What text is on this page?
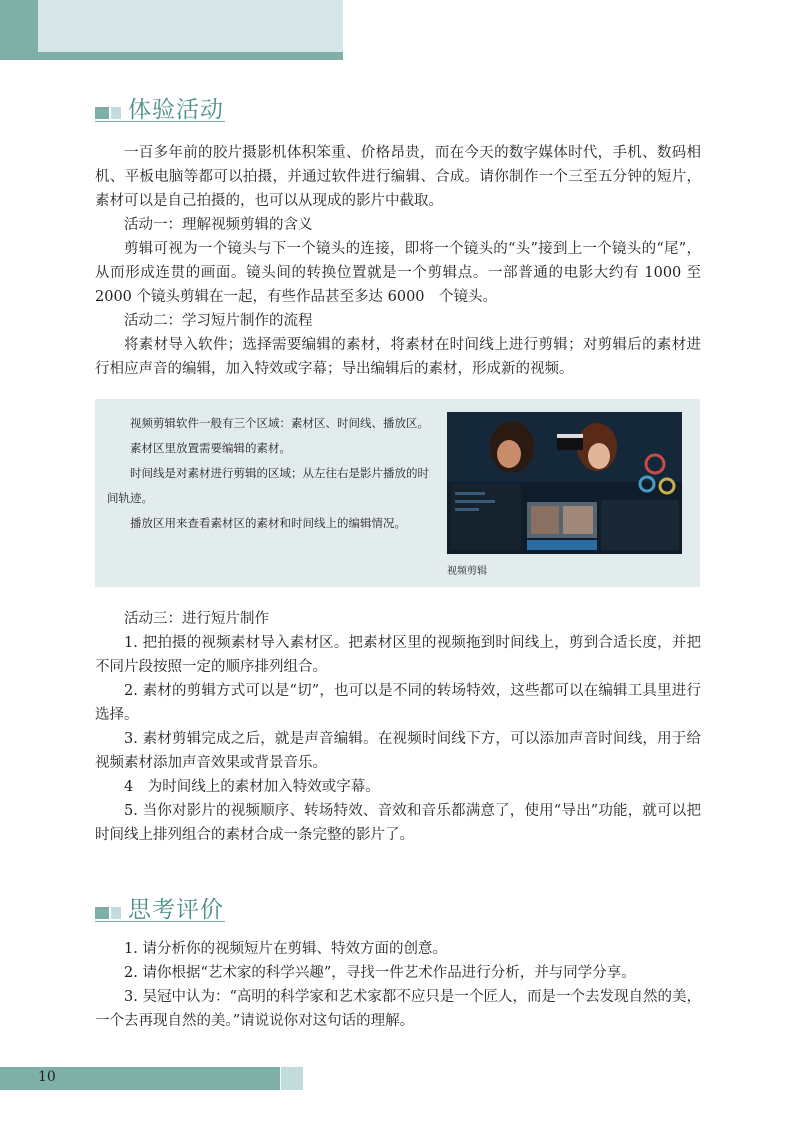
体验活动

一百多年前的胶片摄影机体积笨重、价格昂贵，而在今天的数字媒体时代，手机、数码相机、平板电脑等都可以拍摄，并通过软件进行编辑、合成。请你制作一个三至五分钟的短片，素材可以是自己拍摄的，也可以从现成的影片中截取。

活动一：理解视频剪辑的含义

剪辑可视为一个镜头与下一个镜头的连接，即将一个镜头的“头”接到上一个镜头的“尾”，从而形成连贯的画面。镜头间的转换位置就是一个剪辑点。一部普通的电影大约有 1000 至 2000 个镜头剪辑在一起，有些作品甚至多达 6000　个镜头。

活动二：学习短片制作的流程

将素材导入软件；选择需要编辑的素材，将素材在时间线上进行剪辑；对剪辑后的素材进行相应声音的编辑，加入特效或字幕；导出编辑后的素材，形成新的视频。

视频剪辑软件一般有三个区域：素材区、时间线、播放区。

素材区里放置需要编辑的素材。

时间线是对素材进行剪辑的区域；从左往右是影片播放的时间轨迹。

播放区用来查看素材区的素材和时间线上的编辑情况。

视频剪辑

活动三：进行短片制作

1. 把拍摄的视频素材导入素材区。把素材区里的视频拖到时间线上，剪到合适长度，并把不同片段按照一定的顺序排列组合。

2. 素材的剪辑方式可以是“切”，也可以是不同的转场特效，这些都可以在编辑工具里进行选择。

3. 素材剪辑完成之后，就是声音编辑。在视频时间线下方，可以添加声音时间线，用于给视频素材添加声音效果或背景音乐。

4　为时间线上的素材加入特效或字幕。

5. 当你对影片的视频顺序、转场特效、音效和音乐都满意了，使用“导出”功能，就可以把时间线上排列组合的素材合成一条完整的影片了。

思考评价

1. 请分析你的视频短片在剪辑、特效方面的创意。

2. 请你根据“艺术家的科学兴趣”，寻找一件艺术作品进行分析，并与同学分享。

3. 吴冠中认为：“高明的科学家和艺术家都不应只是一个匠人，而是一个去发现自然的美，一个去再现自然的美。”请说说你对这句话的理解。

10
